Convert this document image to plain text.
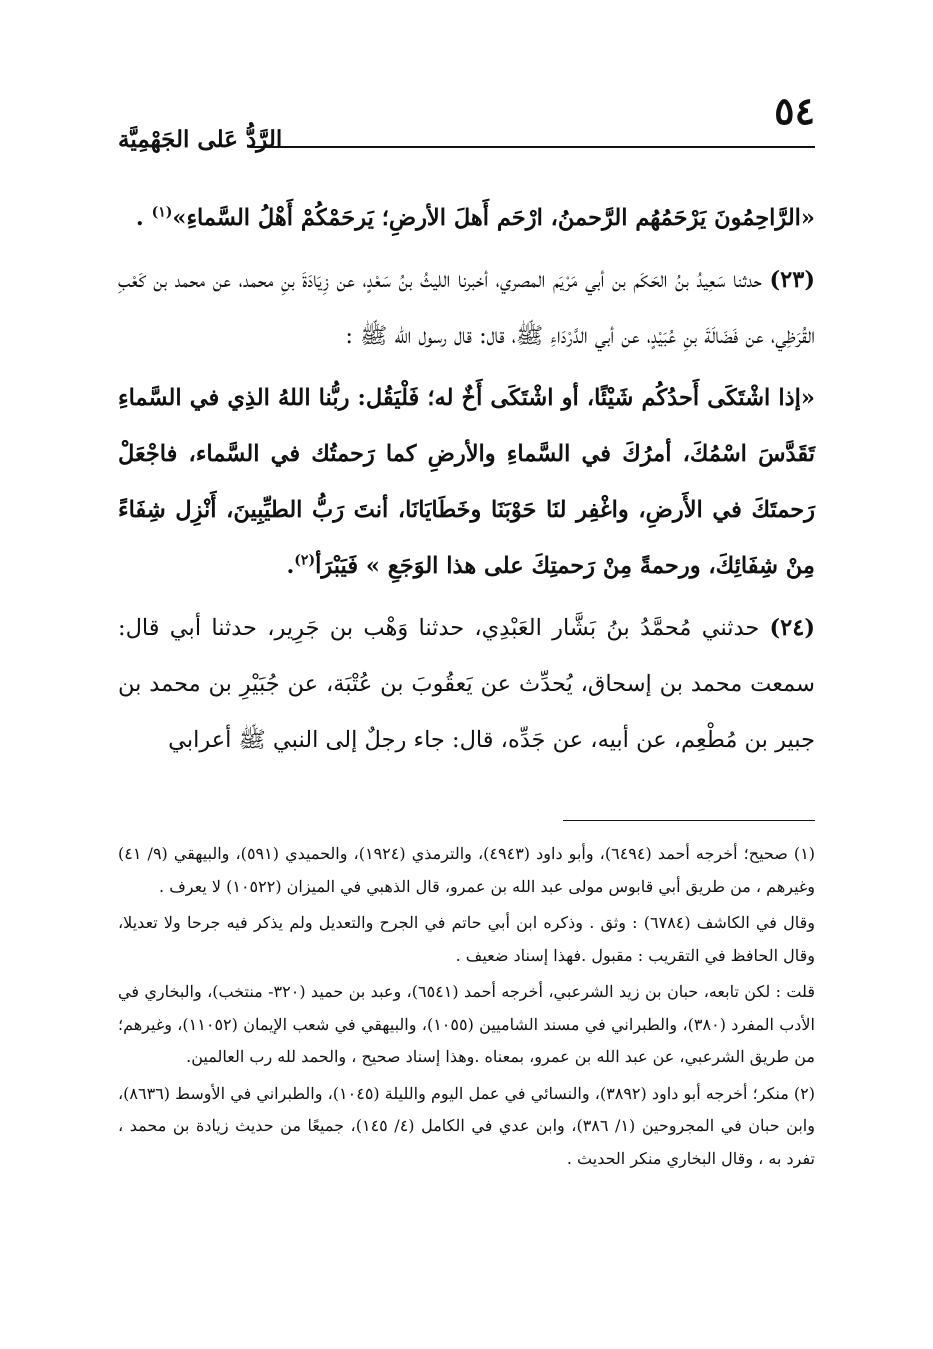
٥٤
الرَّدُّ عَلى الجَهْمِيَّة

«الرَّاحِمُونَ يَرْحَمُهُم الرَّحمنُ، ارْحَم أَهلَ الأرضِ؛ يَرحَمْكُمْ أَهْلُ السَّماءِ»$^{(١)}$ .

(٢٣) حدثنا سَعِيدُ بنُ الحَكَم بن أبي مَرْيَم المصري، أخبرنا الليثُ بنُ سَعْدٍ، عن زِيَادَةَ بنِ محمد، عن محمد بن كَعْبِ القُرَظِي، عن فَضَالَةَ بنِ عُبَيْدٍ، عن أبي الدَّرْدَاءِ ﷺ، قال: قال رسول الله ﷺ :

«إذا اشْتَكَى أَحدُكُم شَيْئًا، أو اشْتَكَى أَخٌ له؛ فَلْيَقُل: ربُّنا اللهُ الذِي في السَّماءِ تَقَدَّسَ اسْمُكَ، أمرُكَ في السَّماءِ والأرضِ كما رَحمتُك في السَّماء، فاجْعَلْ رَحمتَكَ في الأَرضِ، واغْفِر لنَا حَوْبَنَا وخَطَايَانَا، أنتَ رَبُّ الطيِّبِينَ، أَنْزِل شِفَاءً مِنْ شِفَائِكَ، ورحمةً مِنْ رَحمتِكَ على هذا الوَجَعِ » فَيَبْرَأ$^{(٢)}$.

(٢٤) حدثني مُحمَّدُ بنُ بَشَّار العَبْدِي، حدثنا وَهْب بن جَرِير، حدثنا أبي قال: سمعت محمد بن إسحاق، يُحدِّث عن يَعقُوبَ بن عُتْبَة، عن جُبَيْرِ بن محمد بن جبير بن مُطْعِم، عن أبيه، عن جَدِّه، قال: جاء رجلٌ إلى النبي ﷺ أعرابي

(١) صحيح؛ أخرجه أحمد (٦٤٩٤)، وأبو داود (٤٩٤٣)، والترمذي (١٩٢٤)، والحميدي (٥٩١)، والبيهقي (٩/ ٤١) وغيرهم ، من طريق أبي قابوس مولى عبد الله بن عمرو، قال الذهبي في الميزان (١٠٥٢٢) لا يعرف .

وقال في الكاشف (٦٧٨٤) : وثق . وذكره ابن أبي حاتم في الجرح والتعديل ولم يذكر فيه جرحا ولا تعديلا، وقال الحافظ في التقريب : مقبول .فهذا إسناد ضعيف .

قلت : لكن تابعه، حبان بن زيد الشرعبي، أخرجه أحمد (٦٥٤١)، وعبد بن حميد (٣٢٠- منتخب)، والبخاري في الأدب المفرد (٣٨٠)، والطبراني في مسند الشاميين (١٠٥٥)، والبيهقي في شعب الإيمان (١١٠٥٢)، وغيرهم؛ من طريق الشرعبي، عن عبد الله بن عمرو، بمعناه .وهذا إسناد صحيح ، والحمد لله رب العالمين.

(٢) منكر؛ أخرجه أبو داود (٣٨٩٢)، والنسائي في عمل اليوم والليلة (١٠٤٥)، والطبراني في الأوسط (٨٦٣٦)، وابن حبان في المجروحين (١/ ٣٨٦)، وابن عدي في الكامل (٤/ ١٤٥)، جميعًا من حديث زيادة بن محمد ، تفرد به ، وقال البخاري منكر الحديث .
